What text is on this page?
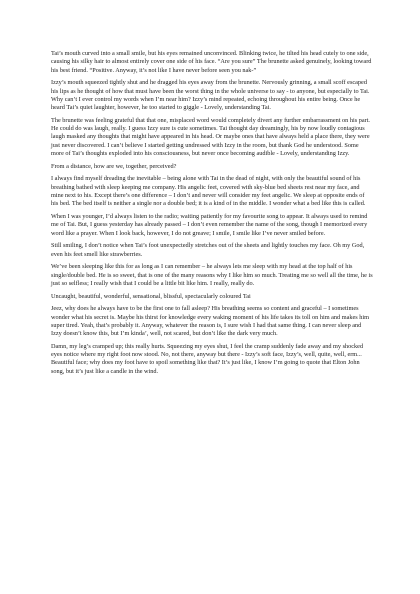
Tai’s mouth curved into a small smile, but his eyes remained unconvinced. Blinking twice, he tilted his head cutely to one side, causing his silky hair to almost entirely cover one side of his face. “Are you sure” The brunette asked genuinely, looking toward his best friend. “Positive. Anyway, it’s not like I have never before seen you nak-”

Izzy’s mouth squeezed tightly shut and he dragged his eyes away from the brunette. Nervously grinning, a small scoff escaped his lips as he thought of how that must have been the worst thing in the whole universe to say - to anyone, but especially to Tai. Why can’t I ever control my words when I’m near him? Izzy’s mind repeated, echoing throughout his entire being. Once he heard Tai’s quiet laughter, however, he too started to giggle - Lovely, understanding Tai.

The brunette was feeling grateful that that one, misplaced word would completely divert any further embarrassment on his part. He could do was laugh, really. I guess Izzy sure is cute sometimes. Tai thought day dreamingly, his by now loudly contagious laugh masked any thoughts that might have appeared in his head. Or maybe ones that have always held a place there, they were just never discovered. I can’t believe I started getting undressed with Izzy in the room, but thank God he understood. Some more of Tai’s thoughts exploded into his consciousness, but never once becoming audible - Lovely, understanding Izzy.

From a distance, how are we, together, perceived?

I always find myself dreading the inevitable – being alone with Tai in the dead of night, with only the beautiful sound of his breathing bathed with sleep keeping me company. His angelic feet, covered with sky-blue bed sheets rest near my face, and mine next to his. Except there’s one difference – I don’t and never will consider my feet angelic. We sleep at opposite ends of his bed. The bed itself is neither a single nor a double bed; it is a kind of in the middle. I wonder what a bed like this is called.

When I was younger, I’d always listen to the radio; waiting patiently for my favourite song to appear. It always used to remind me of Tai. But, I guess yesterday has already passed – I don’t even remember the name of the song, though I memorized every word like a prayer. When I look back, however, I do not greave; I smile, I smile like I’ve never smiled before.

Still smiling, I don’t notice when Tai’s foot unexpectedly stretches out of the sheets and lightly touches my face. Oh my God, even his feet smell like strawberries.

We’ve been sleeping like this for as long as I can remember – he always lets me sleep with my head at the top half of his single/double bed. He is so sweet, that is one of the many reasons why I like him so much. Treating me so well all the time, he is just so selfless; I really wish that I could be a little bit like him. I really, really do.

Uncaught, beautiful, wonderful, sensational, blissful, spectacularly coloured Tai

Jeez, why does he always have to be the first one to fall asleep? His breathing seems so content and graceful – I sometimes wonder what his secret is. Maybe his thirst for knowledge every waking moment of his life takes its toll on him and makes him super tired. Yeah, that’s probably it. Anyway, whatever the reason is, I sure wish I had that same thing. I can never sleep and Izzy doesn’t know this, but I’m kinda’, well, not scared, but don’t like the dark very much.

Damn, my leg’s cramped up; this really hurts. Squeezing my eyes shut, I feel the cramp suddenly fade away and my shocked eyes notice where my right foot now stood. No, not there, anyway but there - Izzy’s soft face, Izzy’s, well, quite, well, erm... Beautiful face; why does my foot have to spoil something like that? It’s just like, I know I’m going to quote that Elton John song, but it’s just like a candle in the wind.
